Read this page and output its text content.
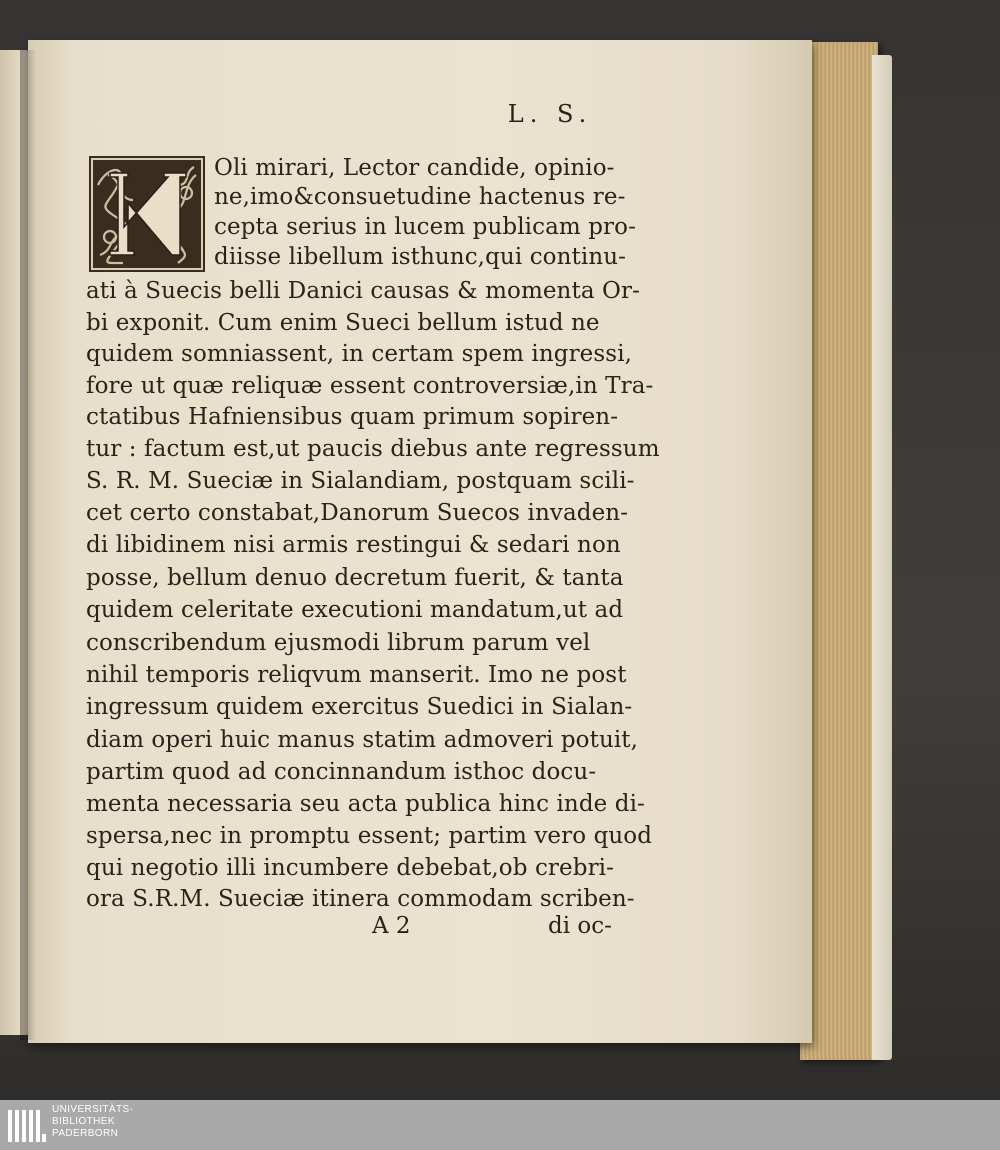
L. S.
Oli mirari, Lector candide, opinio-
ne,imo&consuetudine hactenus re-
cepta serius in lucem publicam pro-
diisse libellum isthunc,qui continu-
ati à Suecis belli Danici causas & momenta Or-
bi exponit. Cum enim Sueci bellum istud ne
quidem somniassent, in certam spem ingressi,
fore ut quæ reliquæ essent controversiæ,in Tra-
ctatibus Hafniensibus quam primum sopiren-
tur : factum est,ut paucis diebus ante regressum
S. R. M. Sueciæ in Sialandiam, postquam scili-
cet certo constabat,Danorum Suecos invaden-
di libidinem nisi armis restingui & sedari non
posse, bellum denuo decretum fuerit, & tanta
quidem celeritate executioni mandatum,ut ad
conscribendum ejusmodi librum parum vel
nihil temporis reliqvum manserit. Imo ne post
ingressum quidem exercitus Suedici in Sialan-
diam operi huic manus statim admoveri potuit,
partim quod ad concinnandum isthoc docu-
menta necessaria seu acta publica hinc inde di-
spersa,nec in promptu essent; partim vero quod
qui negotio illi incumbere debebat,ob crebri-
ora S.R.M. Sueciæ itinera commodam scriben-
A 2	di oc-
UNIVERSITÄTS-
BIBLIOTHEK
PADERBORN
